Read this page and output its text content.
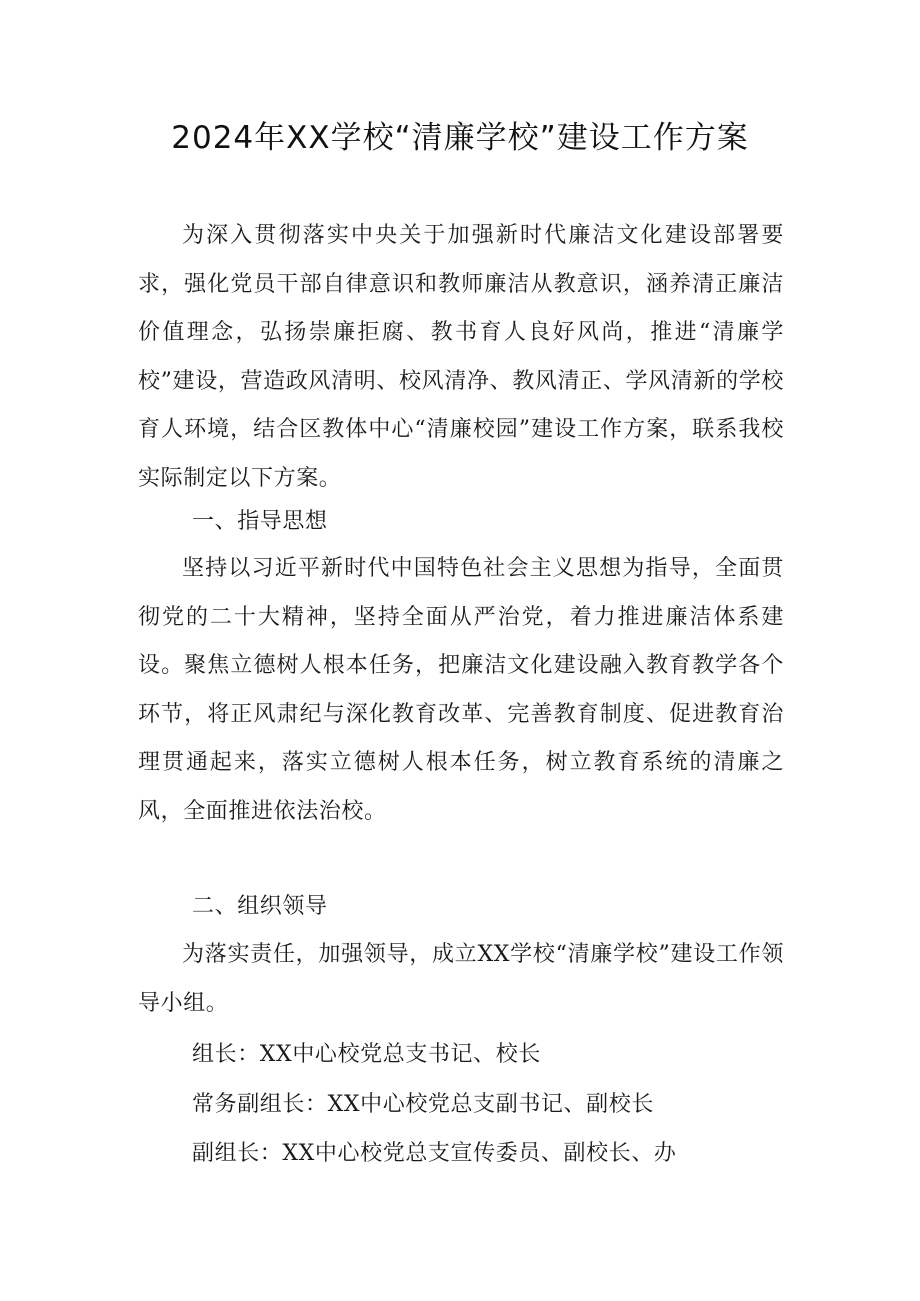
2024年XX学校“清廉学校”建设工作方案

为深入贯彻落实中央关于加强新时代廉洁文化建设部署要求，强化党员干部自律意识和教师廉洁从教意识，涵养清正廉洁价值理念，弘扬崇廉拒腐、教书育人良好风尚，推进“清廉学校”建设，营造政风清明、校风清净、教风清正、学风清新的学校育人环境，结合区教体中心“清廉校园”建设工作方案，联系我校实际制定以下方案。

一、指导思想

坚持以习近平新时代中国特色社会主义思想为指导，全面贯彻党的二十大精神，坚持全面从严治党，着力推进廉洁体系建设。聚焦立德树人根本任务，把廉洁文化建设融入教育教学各个环节，将正风肃纪与深化教育改革、完善教育制度、促进教育治理贯通起来，落实立德树人根本任务，树立教育系统的清廉之风，全面推进依法治校。

二、组织领导

为落实责任，加强领导，成立XX学校“清廉学校”建设工作领导小组。

组长：XX中心校党总支书记、校长

常务副组长：XX中心校党总支副书记、副校长

副组长：XX中心校党总支宣传委员、副校长、办
